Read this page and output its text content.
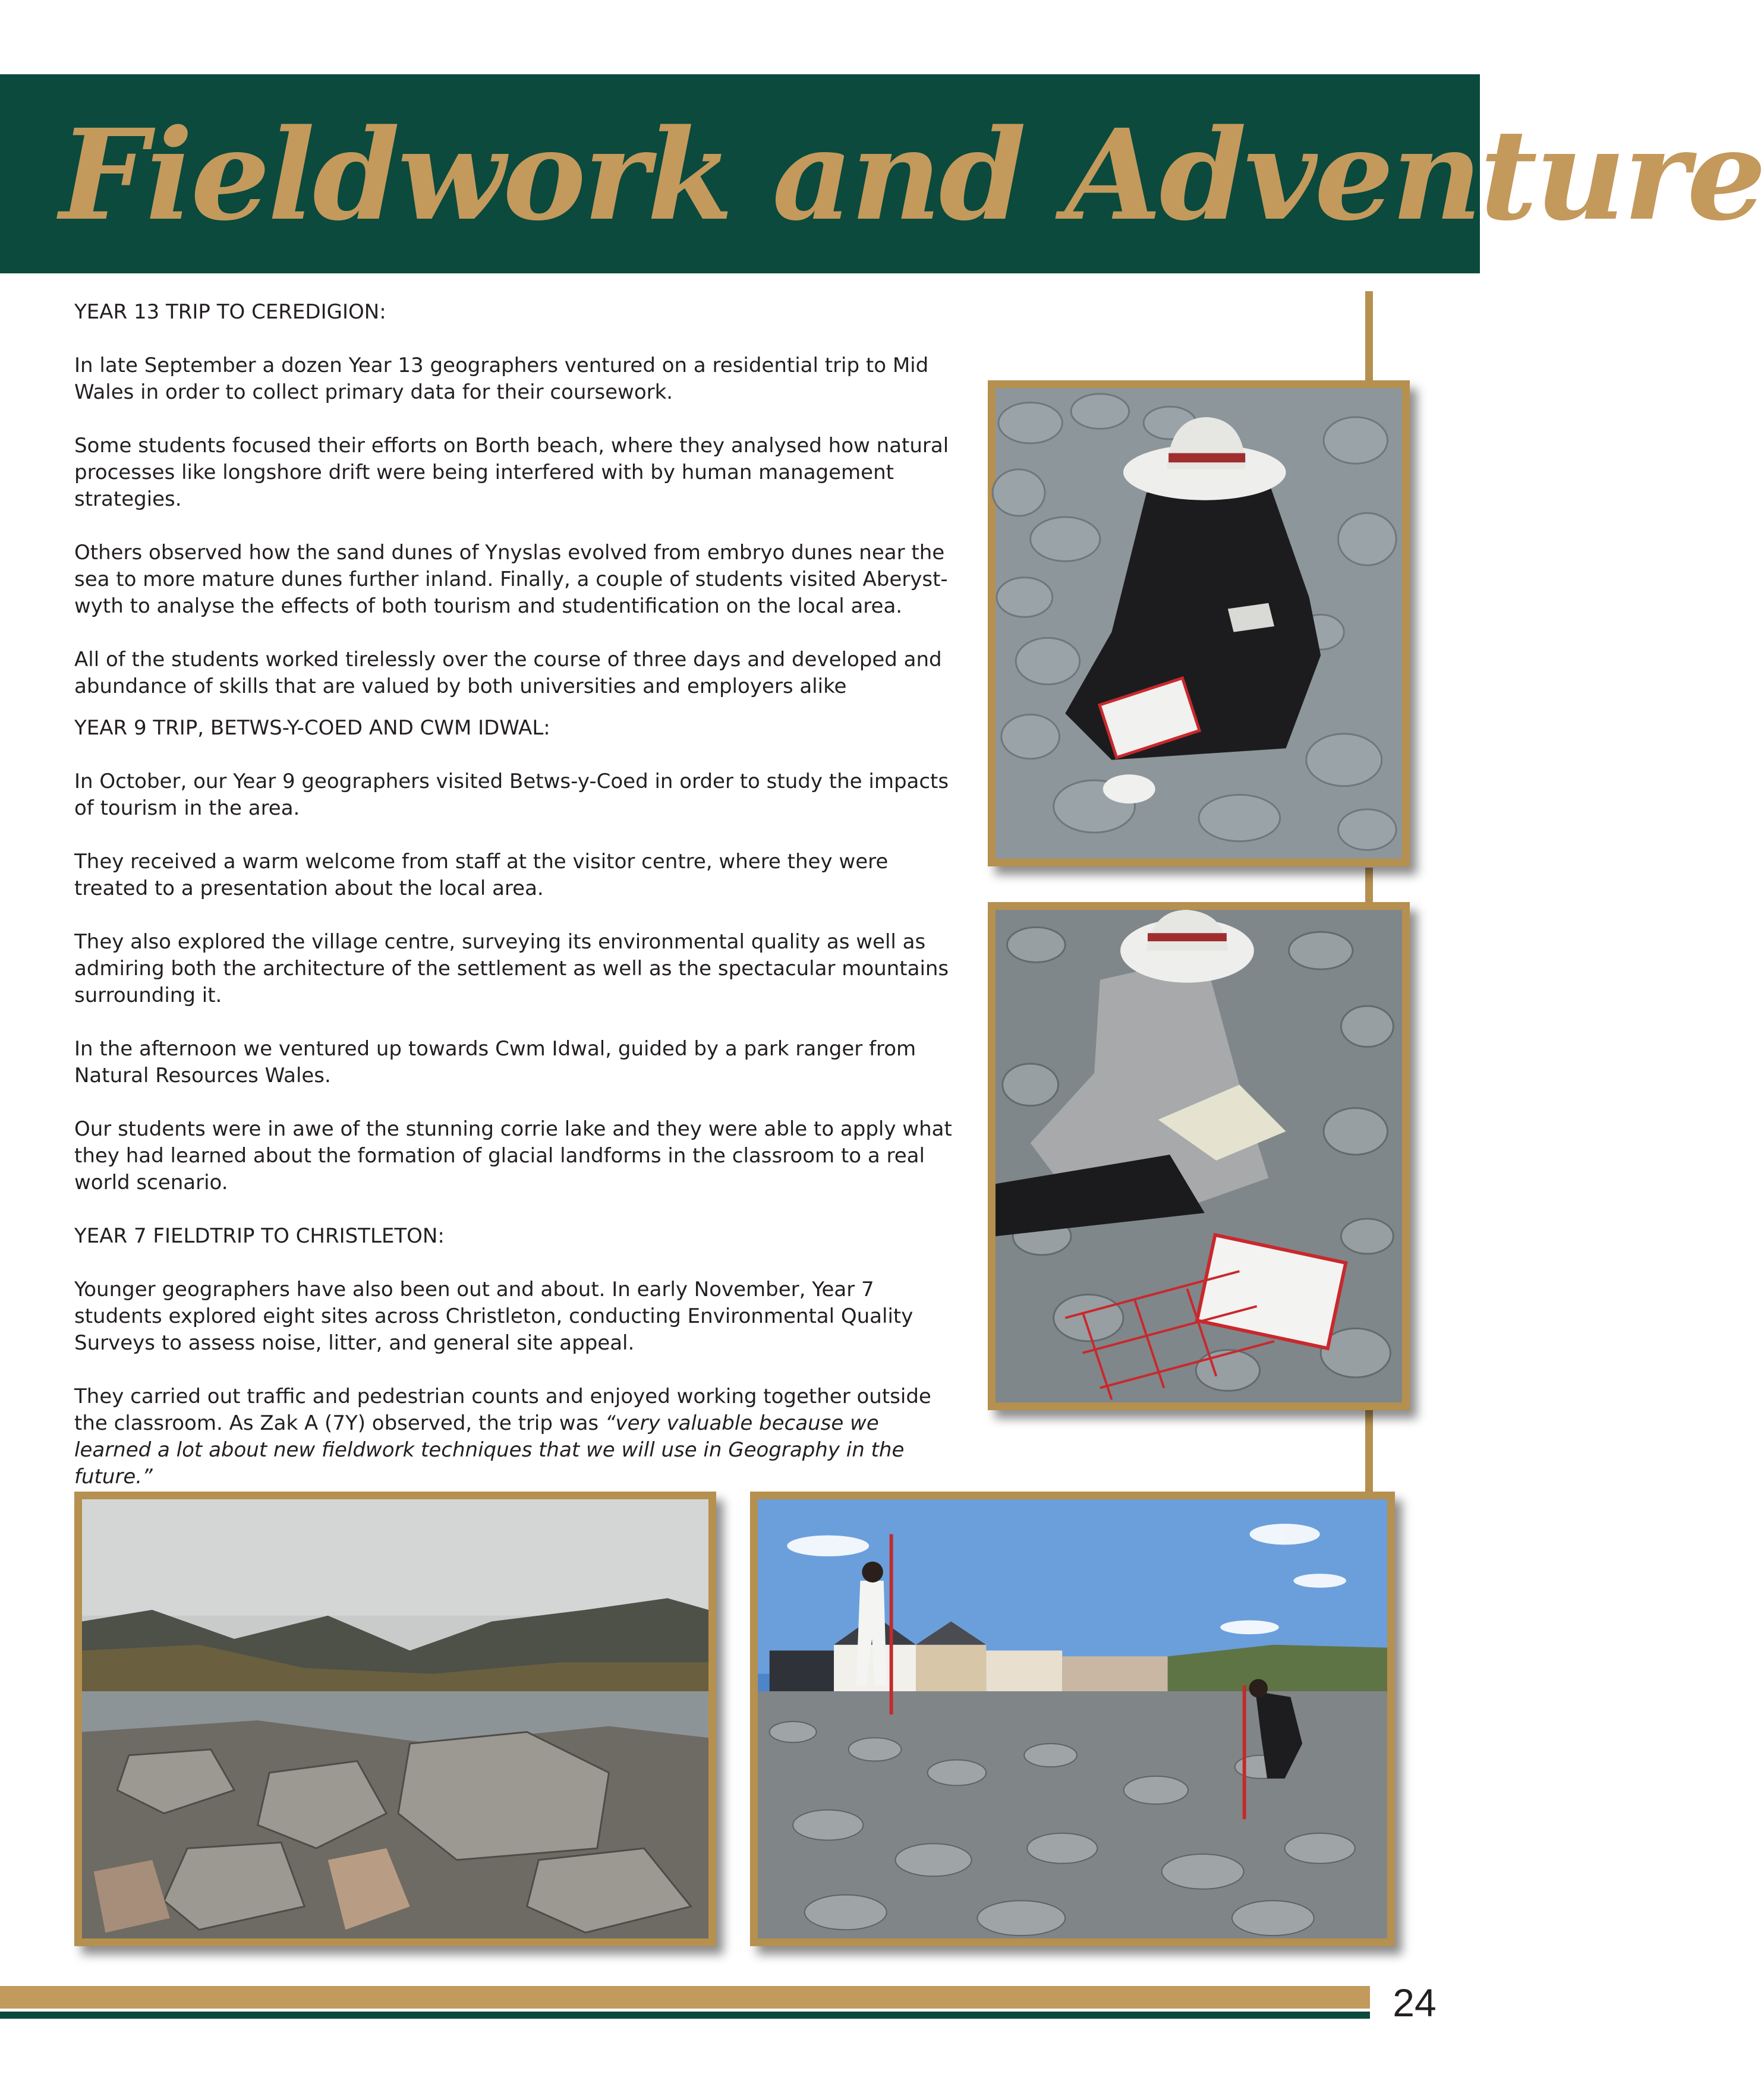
Fieldwork and Adventure

YEAR 13 TRIP TO CEREDIGION:

In late September a dozen Year 13 geographers ventured on a residential trip to Mid Wales in order to collect primary data for their coursework.

Some students focused their efforts on Borth beach, where they analysed how natural processes like longshore drift were being interfered with by human management strategies.

Others observed how the sand dunes of Ynyslas evolved from embryo dunes near the sea to more mature dunes further inland. Finally, a couple of students visited Aberyst-wyth to analyse the effects of both tourism and studentification on the local area.

All of the students worked tirelessly over the course of three days and developed and abundance of skills that are valued by both universities and employers alike

YEAR 9 TRIP, BETWS-Y-COED AND CWM IDWAL:

In October, our Year 9 geographers visited Betws-y-Coed in order to study the impacts of tourism in the area.

They received a warm welcome from staff at the visitor centre, where they were treated to a presentation about the local area.

They also explored the village centre, surveying its environmental quality as well as admiring both the architecture of the settlement as well as the spectacular mountains surrounding it.

In the afternoon we ventured up towards Cwm Idwal, guided by a park ranger from Natural Resources Wales.

Our students were in awe of the stunning corrie lake and they were able to apply what they had learned about the formation of glacial landforms in the classroom to a real world scenario.

YEAR 7 FIELDTRIP TO CHRISTLETON:

Younger geographers have also been out and about. In early November, Year 7 students explored eight sites across Christleton, conducting Environmental Quality Surveys to assess noise, litter, and general site appeal.

They carried out traffic and pedestrian counts and enjoyed working together outside the classroom. As Zak A (7Y) observed, the trip was “very valuable because we learned a lot about new fieldwork techniques that we will use in Geography in the future.”

24
